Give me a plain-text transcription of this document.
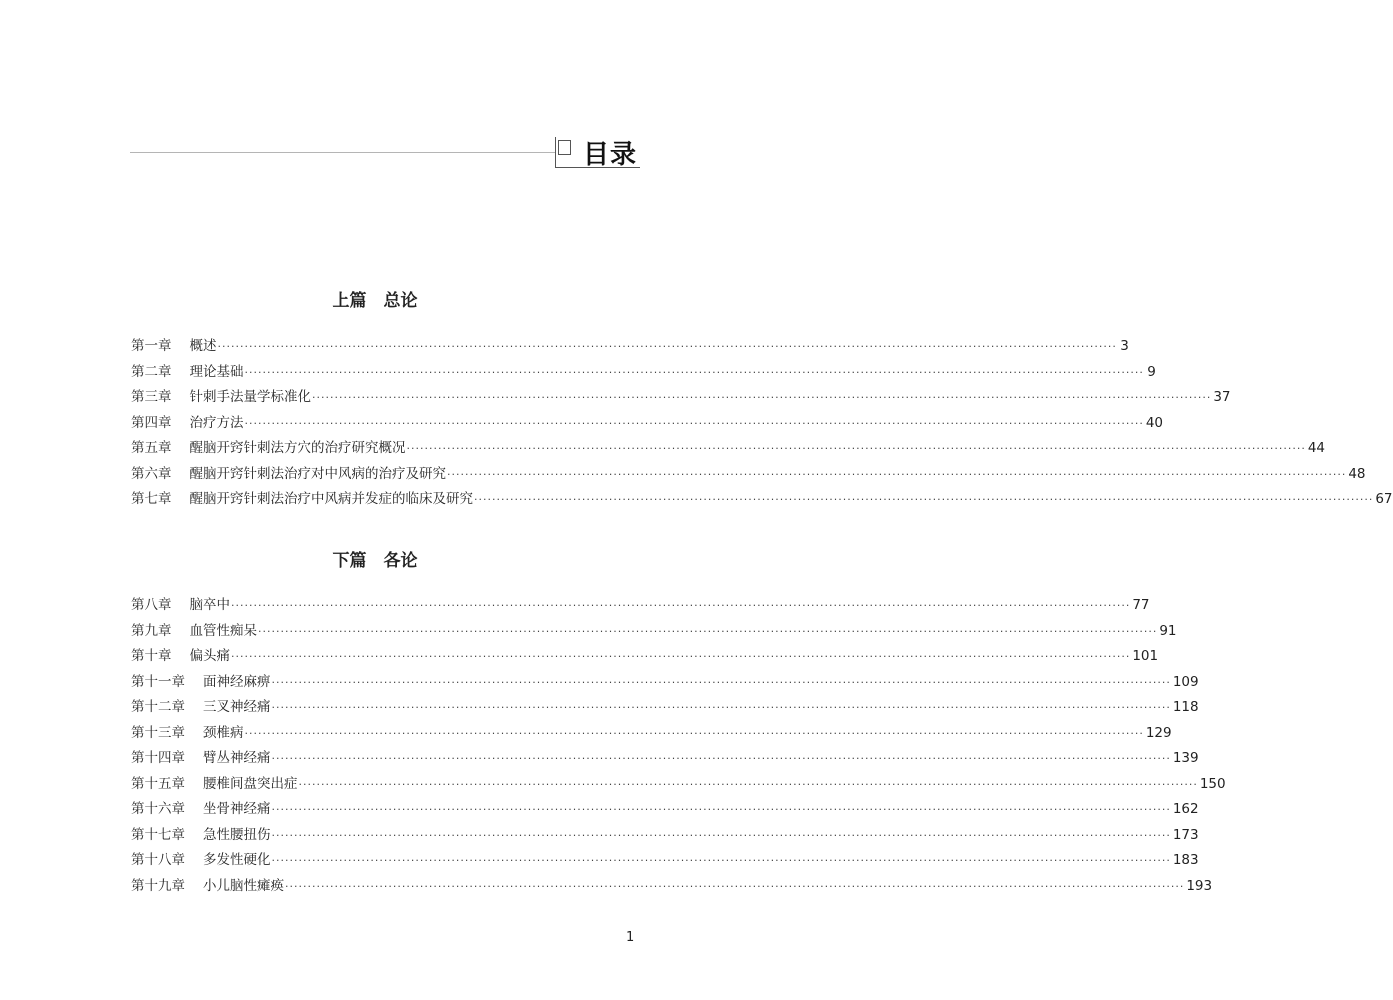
目录
上篇　总论
第一章 概述 ········································································································································································································ 3
第二章 理论基础 ········································································································································································································ 9
第三章 针刺手法量学标准化 ········································································································································································································ 37
第四章 治疗方法 ········································································································································································································ 40
第五章 醒脑开窍针刺法方穴的治疗研究概况 ········································································································································································································ 44
第六章 醒脑开窍针刺法治疗对中风病的治疗及研究 ········································································································································································································ 48
第七章 醒脑开窍针刺法治疗中风病并发症的临床及研究 ········································································································································································································ 67
下篇　各论
第八章 脑卒中 ········································································································································································································ 77
第九章 血管性痴呆 ········································································································································································································ 91
第十章 偏头痛 ········································································································································································································ 101
第十一章 面神经麻痹 ········································································································································································································ 109
第十二章 三叉神经痛 ········································································································································································································ 118
第十三章 颈椎病 ········································································································································································································ 129
第十四章 臂丛神经痛 ········································································································································································································ 139
第十五章 腰椎间盘突出症 ········································································································································································································ 150
第十六章 坐骨神经痛 ········································································································································································································ 162
第十七章 急性腰扭伤 ········································································································································································································ 173
第十八章 多发性硬化 ········································································································································································································ 183
第十九章 小儿脑性瘫痪 ········································································································································································································ 193
1
